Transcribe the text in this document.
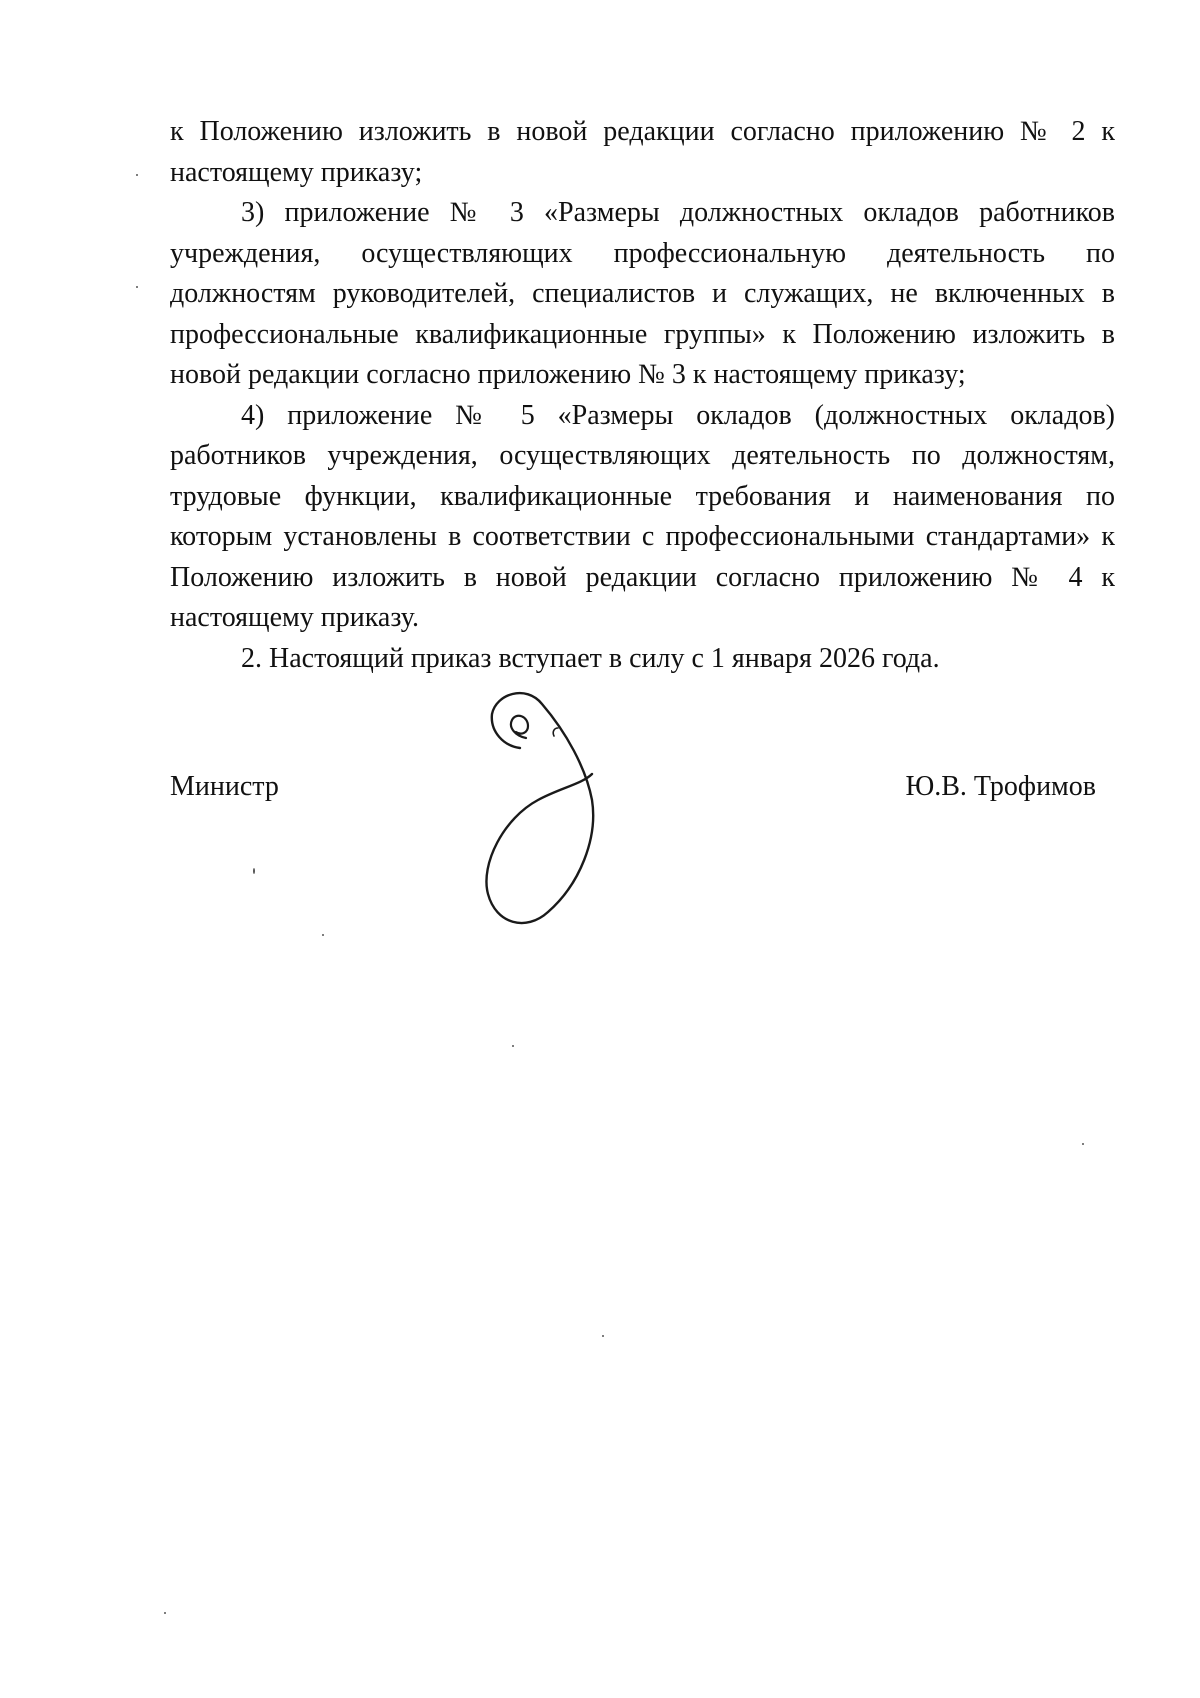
к Положению изложить в новой редакции согласно приложению № 2 к настоящему приказу;

3) приложение № 3 «Размеры должностных окладов работников учреждения, осуществляющих профессиональную деятельность по должностям руководителей, специалистов и служащих, не включенных в профессиональные квалификационные группы» к Положению изложить в новой редакции согласно приложению № 3 к настоящему приказу;

4) приложение № 5 «Размеры окладов (должностных окладов) работников учреждения, осуществляющих деятельность по должностям, трудовые функции, квалификационные требования и наименования по которым установлены в соответствии с профессиональными стандартами» к Положению изложить в новой редакции согласно приложению № 4 к настоящему приказу.

2. Настоящий приказ вступает в силу с 1 января 2026 года.

Министр	Ю.В. Трофимов
